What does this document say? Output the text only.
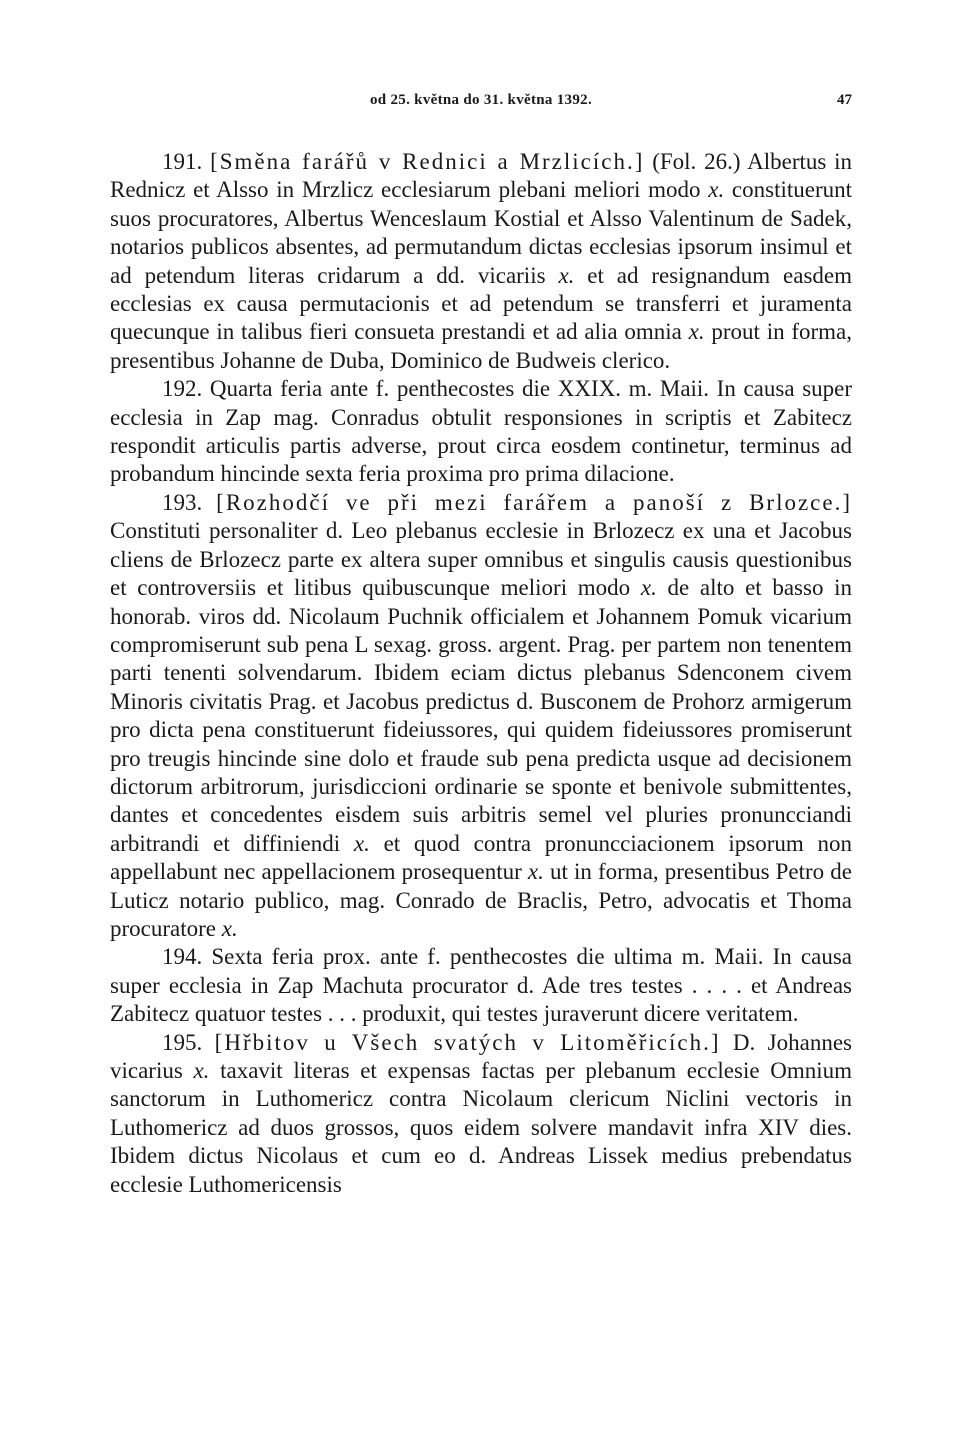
od 25. května do 31. května 1392.	47

191. [Směna farářů v Rednici a Mrzlicích.] (Fol. 26.) Albertus in Rednicz et Alsso in Mrzlicz ecclesiarum plebani meliori modo x. constituerunt suos procuratores, Albertus Wenceslaum Kostial et Alsso Valentinum de Sadek, notarios publicos absentes, ad permutandum dictas ecclesias ipsorum insimul et ad petendum literas cridarum a dd. vicariis x. et ad resignandum easdem ecclesias ex causa permutacionis et ad petendum se transferri et juramenta quecunque in talibus fieri consueta prestandi et ad alia omnia x. prout in forma, presentibus Johanne de Duba, Dominico de Budweis clerico.

192. Quarta feria ante f. penthecostes die XXIX. m. Maii. In causa super ecclesia in Zap mag. Conradus obtulit responsiones in scriptis et Zabitecz respondit articulis partis adverse, prout circa eosdem continetur, terminus ad probandum hincinde sexta feria proxima pro prima dilacione.

193. [Rozhodčí ve při mezi farářem a panoší z Brlozce.] Constituti personaliter d. Leo plebanus ecclesie in Brlozecz ex una et Jacobus cliens de Brlozecz parte ex altera super omnibus et singulis causis questionibus et controversiis et litibus quibuscunque meliori modo x. de alto et basso in honorab. viros dd. Nicolaum Puchnik officialem et Johannem Pomuk vicarium compromiserunt sub pena L sexag. gross. argent. Prag. per partem non tenentem parti tenenti solvendarum. Ibidem eciam dictus plebanus Sdenconem civem Minoris civitatis Prag. et Jacobus predictus d. Busconem de Prohorz armigerum pro dicta pena constituerunt fideiussores, qui quidem fideiussores promiserunt pro treugis hincinde sine dolo et fraude sub pena predicta usque ad decisionem dictorum arbitrorum, jurisdiccioni ordinarie se sponte et benivole submittentes, dantes et concedentes eisdem suis arbitris semel vel pluries pronuncciandi arbitrandi et diffiniendi x. et quod contra pronuncciacionem ipsorum non appellabunt nec appellacionem prosequentur x. ut in forma, presentibus Petro de Luticz notario publico, mag. Conrado de Braclis, Petro, advocatis et Thoma procuratore x.

194. Sexta feria prox. ante f. penthecostes die ultima m. Maii. In causa super ecclesia in Zap Machuta procurator d. Ade tres testes . . . . et Andreas Zabitecz quatuor testes . . . produxit, qui testes juraverunt dicere veritatem.

195. [Hřbitov u Všech svatých v Litoměřicích.] D. Johannes vicarius x. taxavit literas et expensas factas per plebanum ecclesie Omnium sanctorum in Luthomericz contra Nicolaum clericum Niclini vectoris in Luthomericz ad duos grossos, quos eidem solvere mandavit infra XIV dies. Ibidem dictus Nicolaus et cum eo d. Andreas Lissek medius prebendatus ecclesie Luthomericensis
